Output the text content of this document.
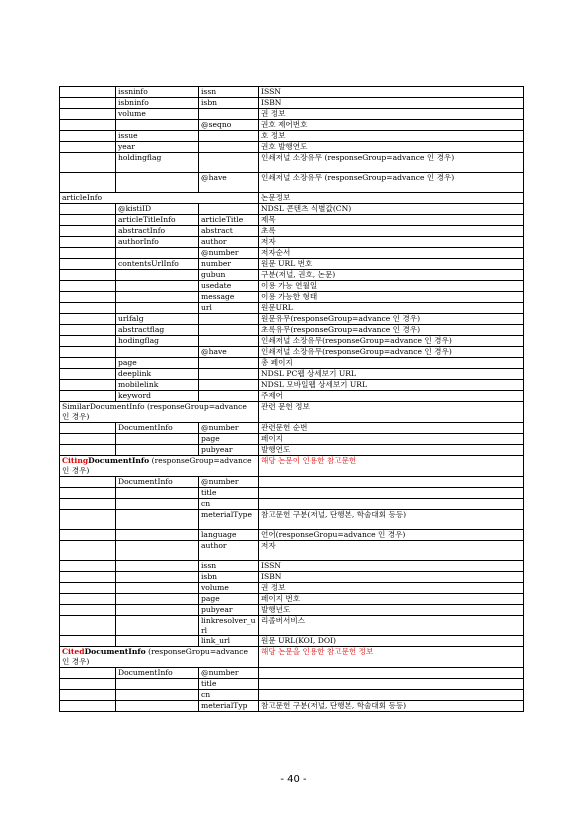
	issninfo	issn	ISSN
	isbninfo	isbn	ISBN
	volume		권 정보
		@seqno	권호 제어번호
	issue		호 정보
	year		권호 발행연도
	holdingflag		인쇄저널 소장유무 (responseGroup=advance 인 경우)
		@have	인쇄저널 소장유무 (responseGroup=advance 인 경우)
articleInfo			논문정보
	@kistiID		NDSL 콘텐츠 식별값(CN)
	articleTitleInfo	articleTitle	제목
	abstractInfo	abstract	초록
	authorInfo	author	저자
		@number	저자순서
	contentsUrlInfo	number	원문 URL 번호
		gubun	구분(저널, 권호, 논문)
		usedate	이용 가능 연월일
		message	이용 가능한 형태
		url	원문URL
	urlfalg		원문유무(responseGroup=advance 인 경우)
	abstractflag		초록유무(responseGroup=advance 인 경우)
	hodingflag		인쇄저널 소장유무(responseGroup=advance 인 경우)
		@have	인쇄저널 소장유무(responseGroup=advance 인 경우)
	page		총 페이지
	deeplink		NDSL PC웹 상세보기 URL
	mobilelink		NDSL 모바일웹 상세보기 URL
	keyword		주제어
SimilarDocumentInfo (responseGroup=advance 인 경우)			관련 문헌 정보
	DocumentInfo	@number	관련문헌 순번
		page	페이지
		pubyear	발행연도
CitingDocumentInfo (responseGroup=advance 인 경우)			해당 논문이 인용한 참고문헌
	DocumentInfo	@number	
		title	
		cn	
		meterialType	참고문헌 구분(저널, 단행본, 학술대회 등등)
		language	언어(responseGropu=advance 인 경우)
		author	저자
		issn	ISSN
		isbn	ISBN
		volume	권 정보
		page	페이지 번호
		pubyear	발행년도
		linkresolver_url	리졸버서비스
		link_url	원문 URL(KOI, DOI)
CitedDocumentInfo (responseGropu=advance 인 경우)			해당 논문을 인용한 참고문헌 정보
	DocumentInfo	@number	
		title	
		cn	
		meterialTyp	참고문헌 구분(저널, 단행본, 학술대회 등등)
- 40 -
